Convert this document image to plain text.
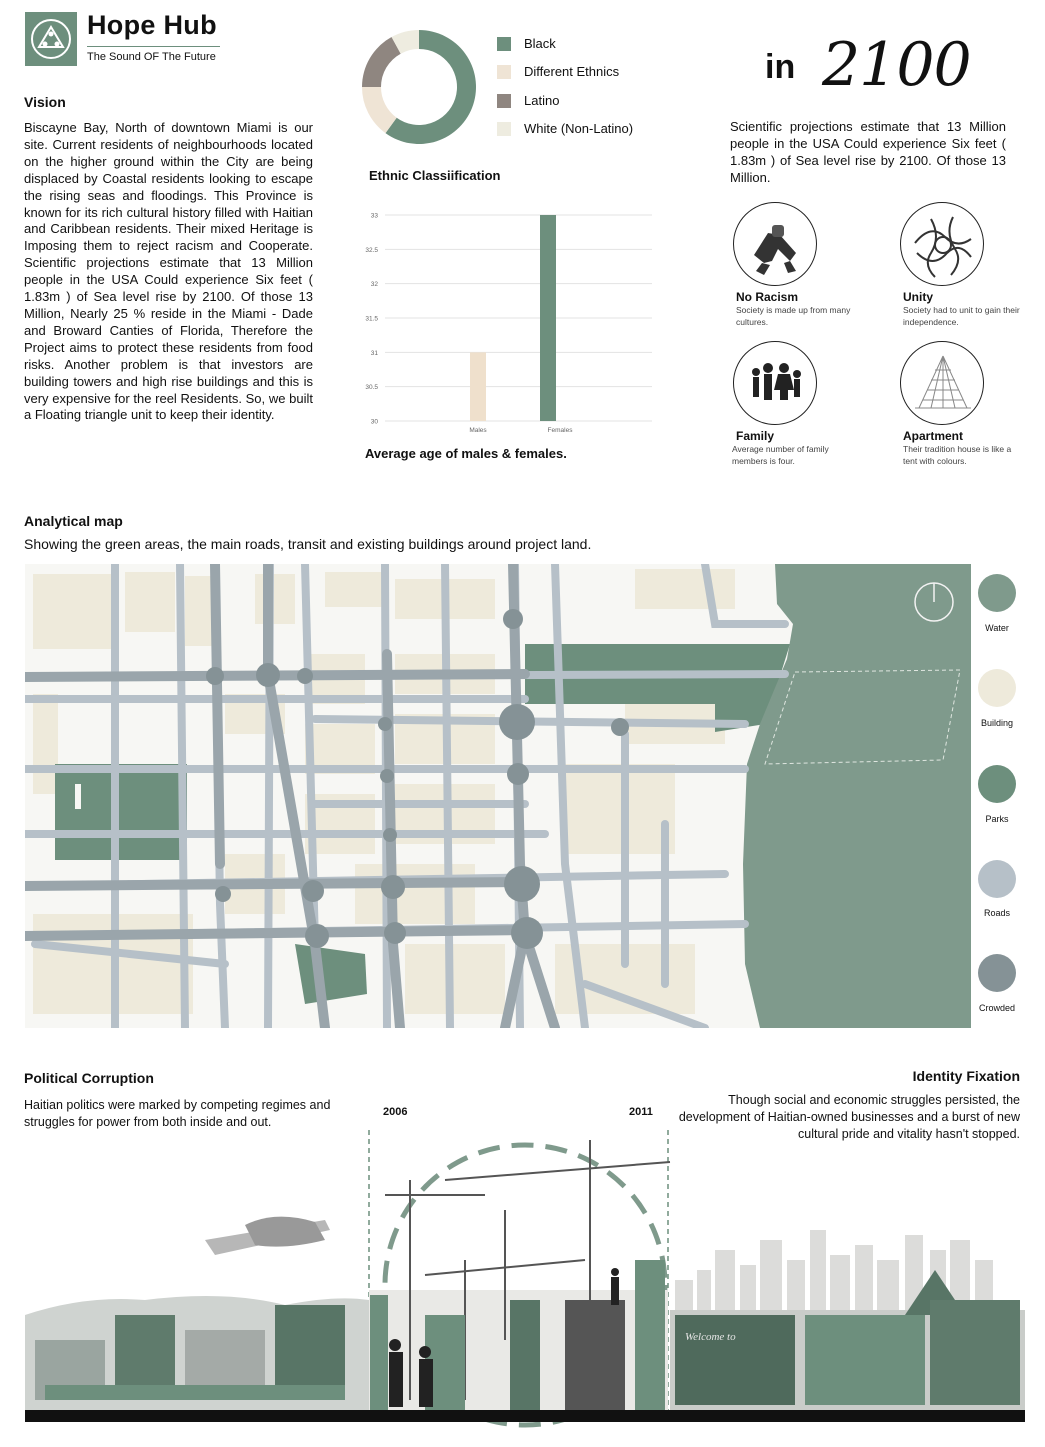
Hope Hub
The Sound OF The Future
Vision
Biscayne Bay, North of downtown Miami is our site. Current residents of neighbourhoods located on the higher ground within the City are being displaced by Coastal residents looking to escape the rising seas and floodings. This Province is known for its rich cultural history filled with Haitian and Caribbean residents. Their mixed Heritage is Imposing them to reject racism and Cooperate. Scientific projections estimate that 13 Million people in the USA Could experience Six feet ( 1.83m ) of Sea level rise by 2100. Of those 13 Million, Nearly 25 % reside in the Miami - Dade and Broward Canties of Florida, Therefore the Project aims to protect these residents from food risks. Another problem is that investors are building towers and high rise buildings and this is very expensive for the reel Residents. So, we built a Floating triangle unit to keep their identity.
Black
Different Ethnics
Latino
White (Non-Latino)
Ethnic Classiification
30
30.5
31
31.5
32
32.5
33
Males	Females
Average age of males & females.
in 2100
Scientific projections estimate that 13 Million people in the USA Could experience Six feet ( 1.83m ) of Sea level rise by 2100. Of those 13 Million.
No Racism
Society is made up from many cultures.
Unity
Society had to unit to gain their independence.
Family
Average number of family members is four.
Apartment
Their tradition house is like a tent with colours.
Analytical map
Showing the green areas, the main roads, transit and existing buildings around project land.
Water
Building
Parks
Roads
Crowded
Welcome to
Political Corruption
Haitian politics were marked by competing regimes and struggles for power from both inside and out.
Identity Fixation
Though social and economic struggles persisted, the development of Haitian-owned businesses and a burst of new cultural pride and vitality hasn't stopped.
2006	2011
